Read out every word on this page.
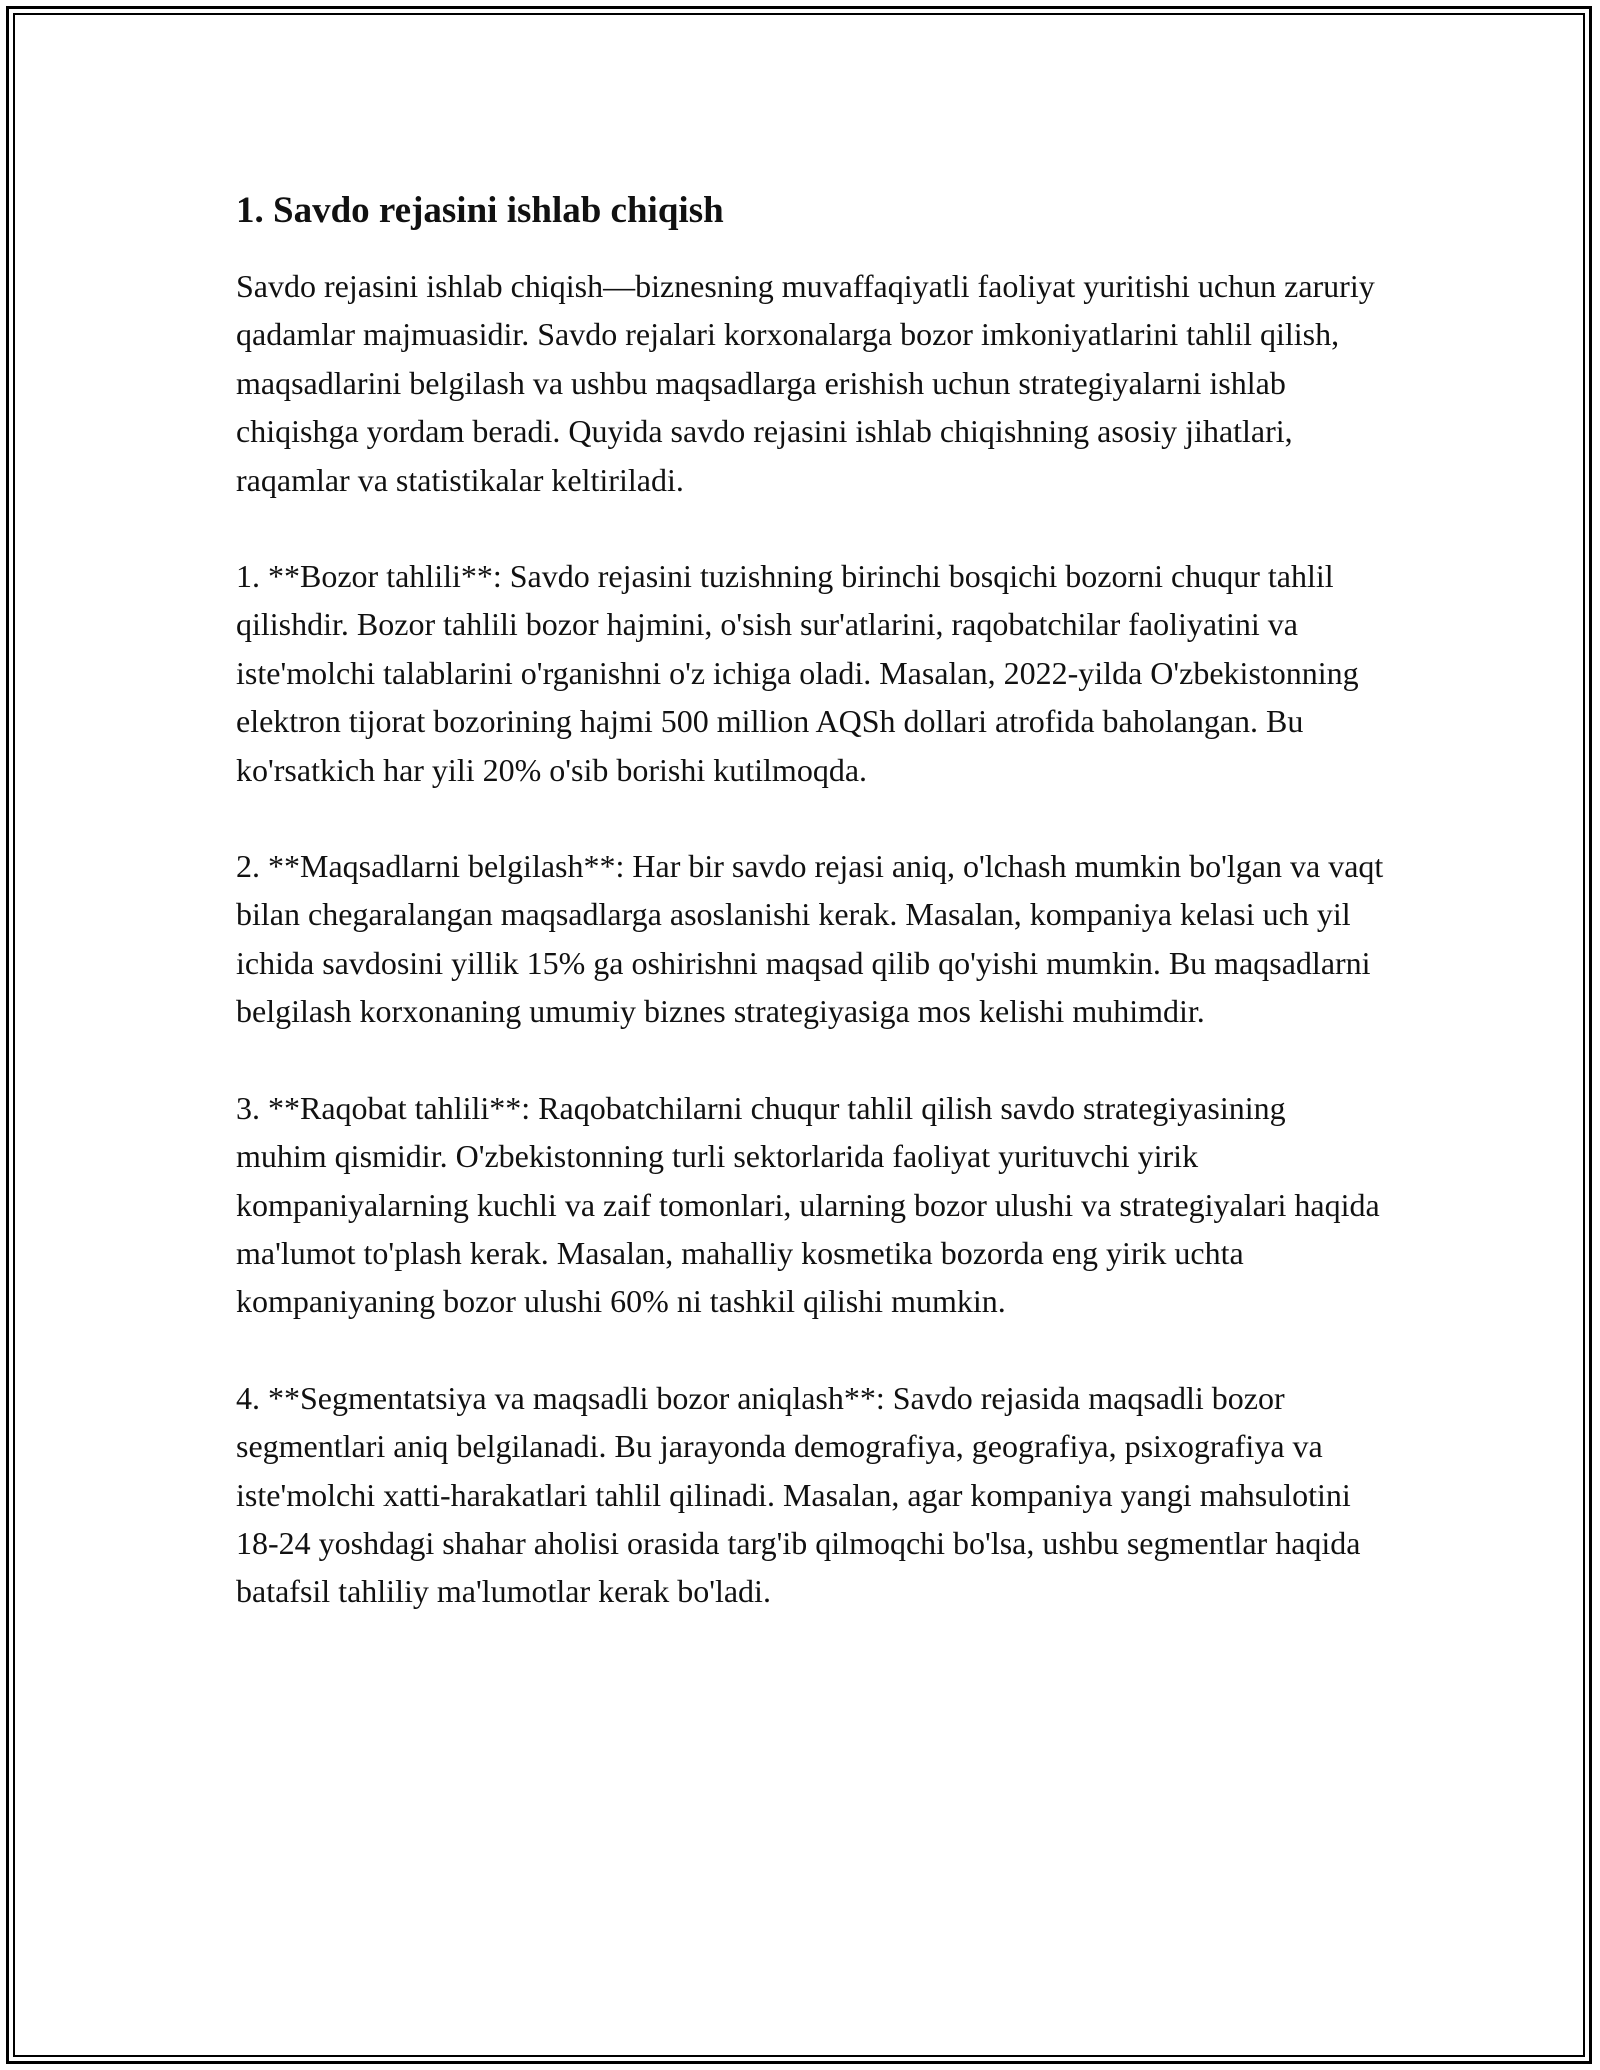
1. Savdo rejasini ishlab chiqish

Savdo rejasini ishlab chiqish—biznesning muvaffaqiyatli faoliyat yuritishi uchun zaruriy qadamlar majmuasidir. Savdo rejalari korxonalarga bozor imkoniyatlarini tahlil qilish, maqsadlarini belgilash va ushbu maqsadlarga erishish uchun strategiyalarni ishlab chiqishga yordam beradi. Quyida savdo rejasini ishlab chiqishning asosiy jihatlari, raqamlar va statistikalar keltiriladi.

1. **Bozor tahlili**: Savdo rejasini tuzishning birinchi bosqichi bozorni chuqur tahlil qilishdir. Bozor tahlili bozor hajmini, o'sish sur'atlarini, raqobatchilar faoliyatini va iste'molchi talablarini o'rganishni o'z ichiga oladi. Masalan, 2022-yilda O'zbekistonning elektron tijorat bozorining hajmi 500 million AQSh dollari atrofida baholangan. Bu ko'rsatkich har yili 20% o'sib borishi kutilmoqda.

2. **Maqsadlarni belgilash**: Har bir savdo rejasi aniq, o'lchash mumkin bo'lgan va vaqt bilan chegaralangan maqsadlarga asoslanishi kerak. Masalan, kompaniya kelasi uch yil ichida savdosini yillik 15% ga oshirishni maqsad qilib qo'yishi mumkin. Bu maqsadlarni belgilash korxonaning umumiy biznes strategiyasiga mos kelishi muhimdir.

3. **Raqobat tahlili**: Raqobatchilarni chuqur tahlil qilish savdo strategiyasining muhim qismidir. O'zbekistonning turli sektorlarida faoliyat yurituvchi yirik kompaniyalarning kuchli va zaif tomonlari, ularning bozor ulushi va strategiyalari haqida ma'lumot to'plash kerak. Masalan, mahalliy kosmetika bozorda eng yirik uchta kompaniyaning bozor ulushi 60% ni tashkil qilishi mumkin.

4. **Segmentatsiya va maqsadli bozor aniqlash**: Savdo rejasida maqsadli bozor segmentlari aniq belgilanadi. Bu jarayonda demografiya, geografiya, psixografiya va iste'molchi xatti-harakatlari tahlil qilinadi. Masalan, agar kompaniya yangi mahsulotini 18-24 yoshdagi shahar aholisi orasida targ'ib qilmoqchi bo'lsa, ushbu segmentlar haqida batafsil tahliliy ma'lumotlar kerak bo'ladi.
